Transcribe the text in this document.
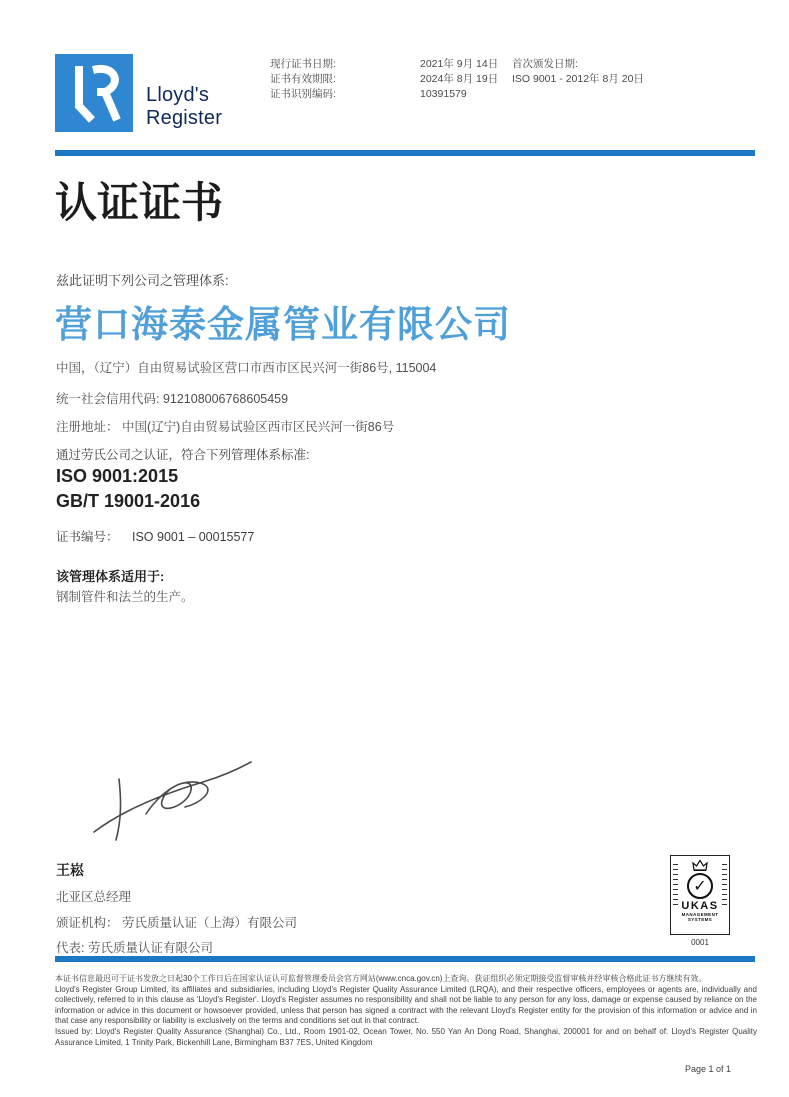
Lloyd's
Register
现行证书日期:
证书有效期限:
证书识别编码:
2021年 9月 14日
2024年 8月 19日
10391579
首次颁发日期:
ISO 9001 - 2012年 8月 20日
认证证书
兹此证明下列公司之管理体系:
营口海泰金属管业有限公司
中国，（辽宁）自由贸易试验区营口市西市区民兴河一街86号, 115004
统一社会信用代码: 912108006768605459
注册地址： 中国(辽宁)自由贸易试验区西市区民兴河一街86号
通过劳氏公司之认证，符合下列管理体系标准:
ISO 9001:2015
GB/T 19001-2016
证书编号： ISO 9001 – 00015577
该管理体系适用于:
钢制管件和法兰的生产。
王崧
北亚区总经理
颁证机构： 劳氏质量认证（上海）有限公司
代表: 劳氏质量认证有限公司
✓
UKAS
MANAGEMENT
SYSTEMS
0001

本证书信息最迟可于证书发放之日起30个工作日后在国家认证认可监督管理委员会官方网站(www.cnca.gov.cn)上查询。获证组织必须定期接受监督审核并经审核合格此证书方继续有效。

Lloyd's Register Group Limited, its affiliates and subsidiaries, including Lloyd's Register Quality Assurance Limited (LRQA), and their respective officers, employees or agents are, individually and collectively, referred to in this clause as 'Lloyd's Register'. Lloyd's Register assumes no responsibility and shall not be liable to any person for any loss, damage or expense caused by reliance on the information or advice in this document or howsoever provided, unless that person has signed a contract with the relevant Lloyd's Register entity for the provision of this information or advice and in that case any responsibility or liability is exclusively on the terms and conditions set out in that contract.

Issued by: Lloyd's Register Quality Assurance (Shanghai) Co., Ltd., Room 1901-02, Ocean Tower, No. 550 Yan An Dong Road, Shanghai, 200001 for and on behalf of: Lloyd's Register Quality Assurance Limited, 1 Trinity Park, Bickenhill Lane, Birmingham B37 7ES, United Kingdom

Page 1 of 1
